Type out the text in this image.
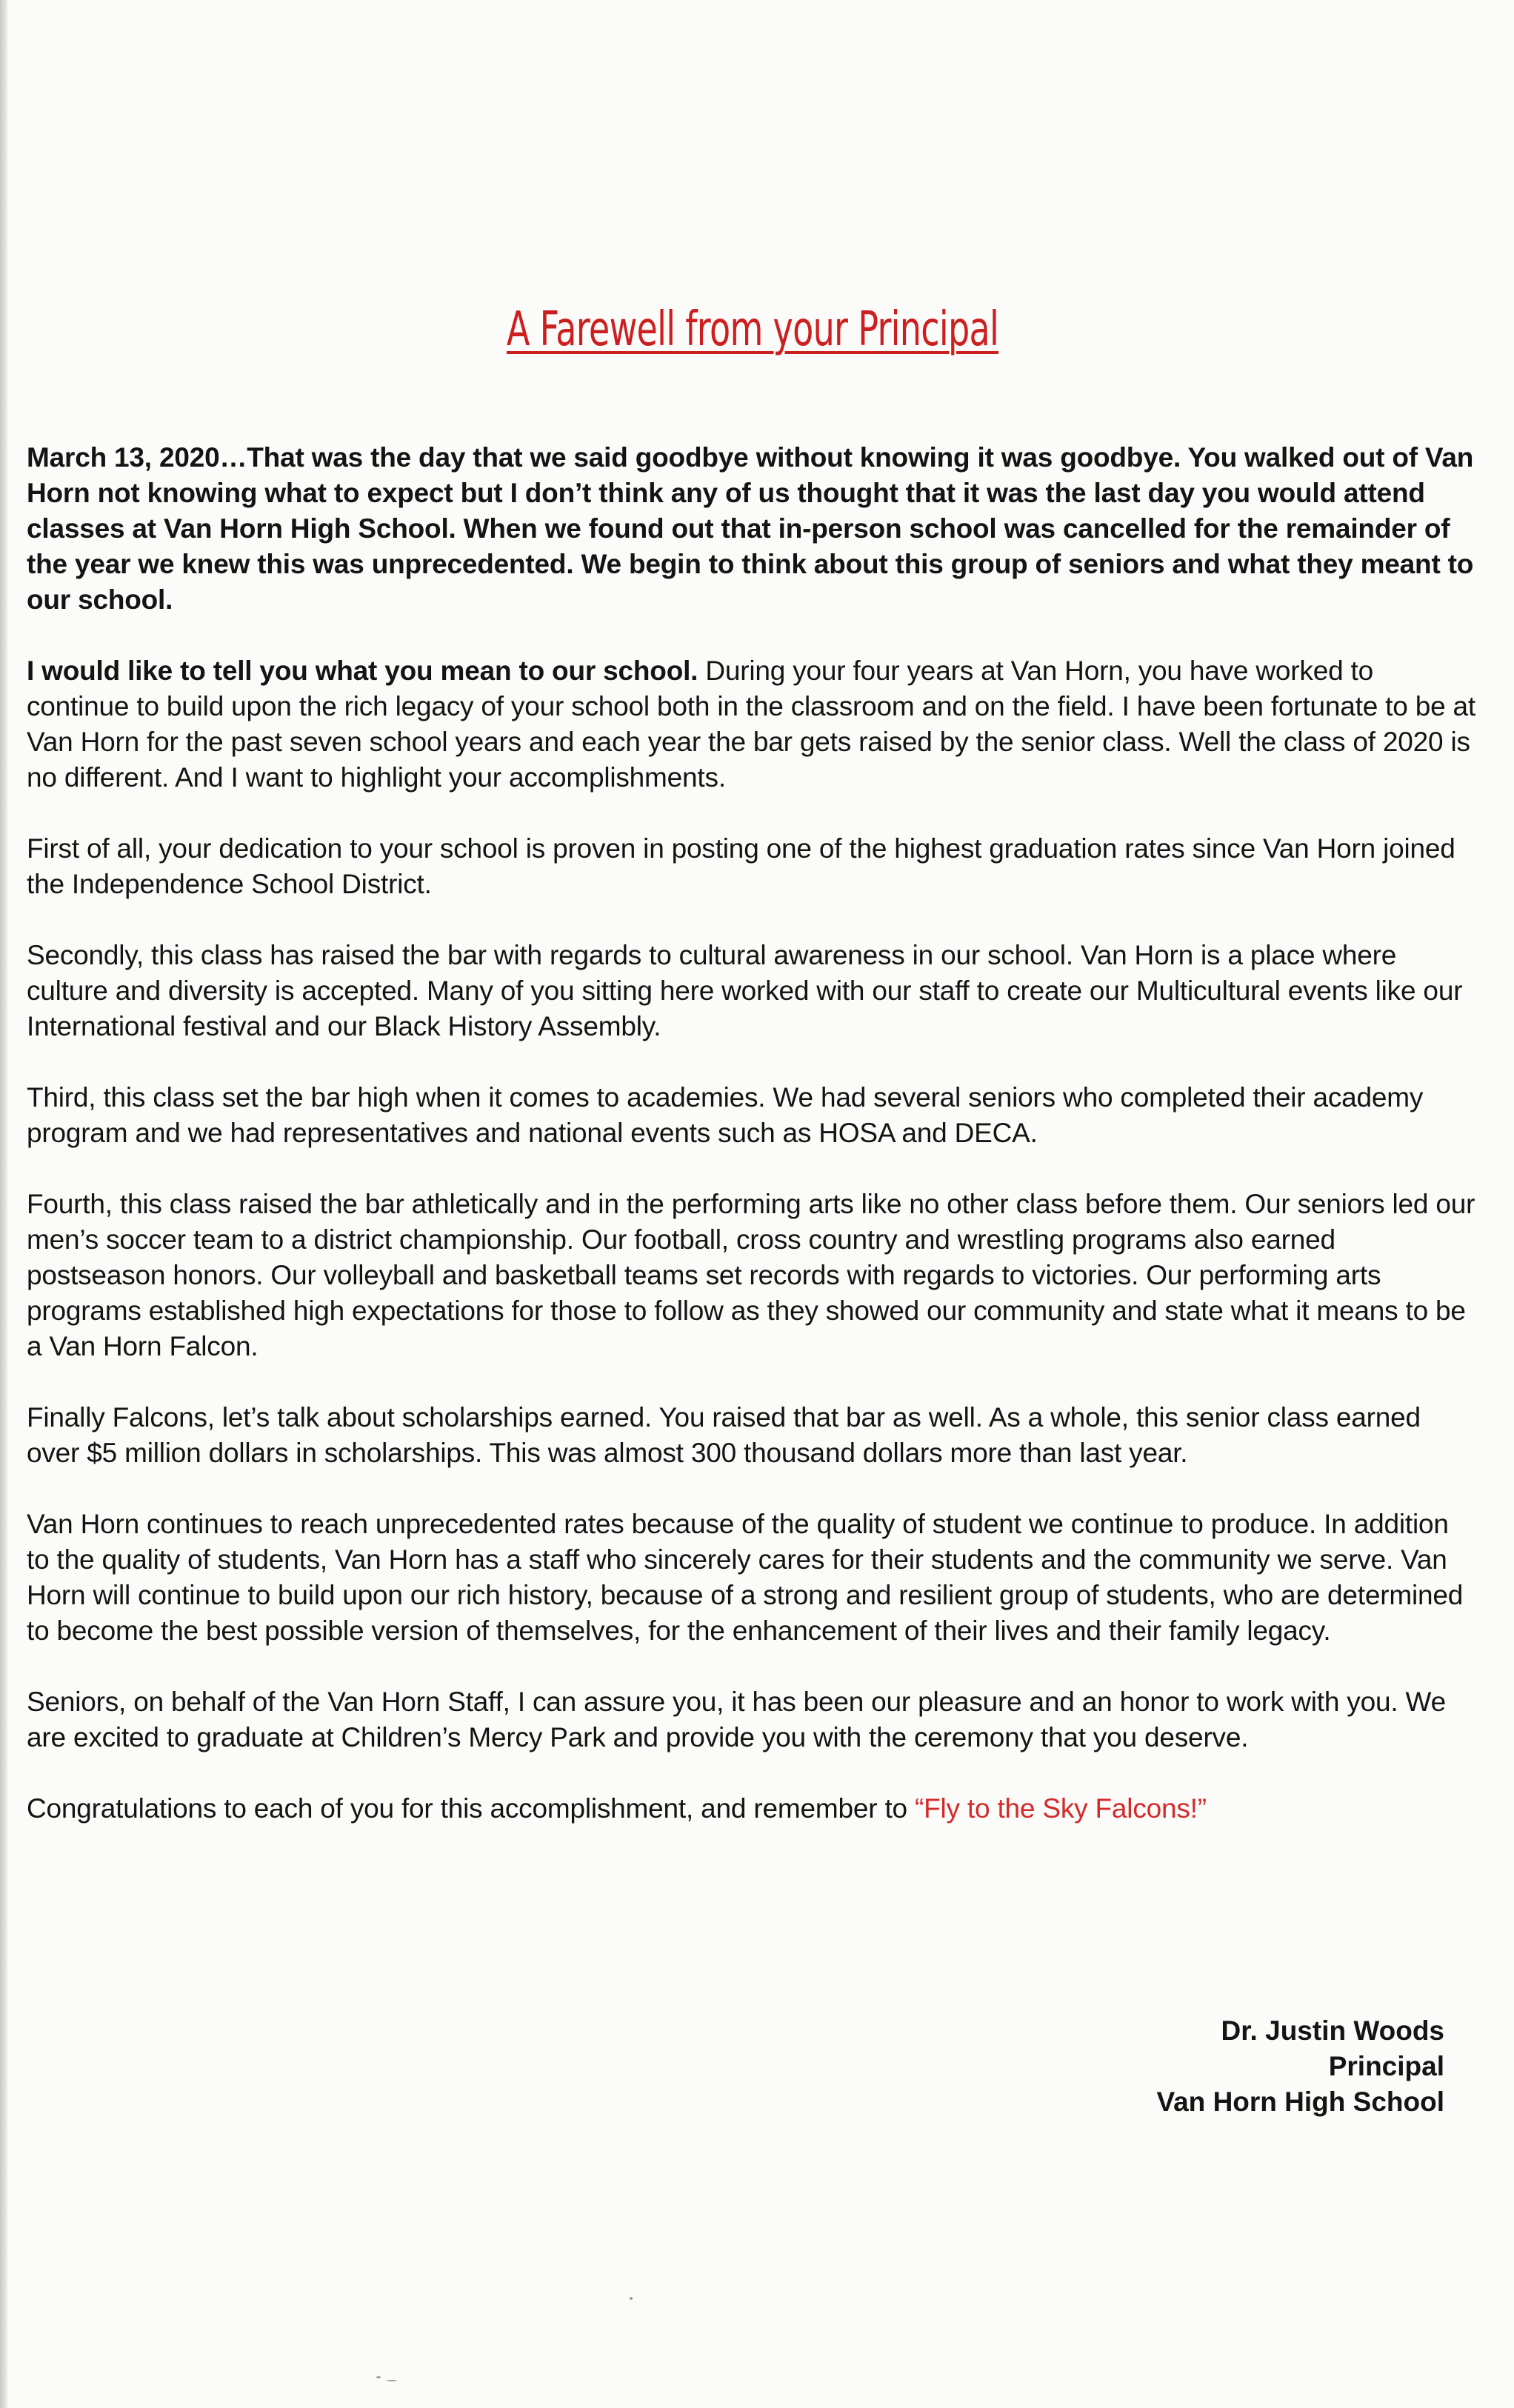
A Farewell from your Principal

March 13, 2020…That was the day that we said goodbye without knowing it was goodbye. You walked out of Van Horn not knowing what to expect but I don’t think any of us thought that it was the last day you would attend classes at Van Horn High School. When we found out that in-person school was cancelled for the remainder of the year we knew this was unprecedented. We begin to think about this group of seniors and what they meant to our school.

I would like to tell you what you mean to our school. During your four years at Van Horn, you have worked to continue to build upon the rich legacy of your school both in the classroom and on the field. I have been fortunate to be at Van Horn for the past seven school years and each year the bar gets raised by the senior class. Well the class of 2020 is no different. And I want to highlight your accomplishments.

First of all, your dedication to your school is proven in posting one of the highest graduation rates since Van Horn joined the Independence School District.

Secondly, this class has raised the bar with regards to cultural awareness in our school. Van Horn is a place where culture and diversity is accepted. Many of you sitting here worked with our staff to create our Multicultural events like our International festival and our Black History Assembly.

Third, this class set the bar high when it comes to academies. We had several seniors who completed their academy program and we had representatives and national events such as HOSA and DECA.

Fourth, this class raised the bar athletically and in the performing arts like no other class before them. Our seniors led our men’s soccer team to a district championship. Our football, cross country and wrestling programs also earned postseason honors. Our volleyball and basketball teams set records with regards to victories. Our performing arts programs established high expectations for those to follow as they showed our community and state what it means to be a Van Horn Falcon.

Finally Falcons, let’s talk about scholarships earned. You raised that bar as well. As a whole, this senior class earned over $5 million dollars in scholarships. This was almost 300 thousand dollars more than last year.

Van Horn continues to reach unprecedented rates because of the quality of student we continue to produce. In addition to the quality of students, Van Horn has a staff who sincerely cares for their students and the community we serve. Van Horn will continue to build upon our rich history, because of a strong and resilient group of students, who are determined to become the best possible version of themselves, for the enhancement of their lives and their family legacy.

Seniors, on behalf of the Van Horn Staff, I can assure you, it has been our pleasure and an honor to work with you. We are excited to graduate at Children’s Mercy Park and provide you with the ceremony that you deserve.

Congratulations to each of you for this accomplishment, and remember to “Fly to the Sky Falcons!”

Dr. Justin Woods
Principal
Van Horn High School
